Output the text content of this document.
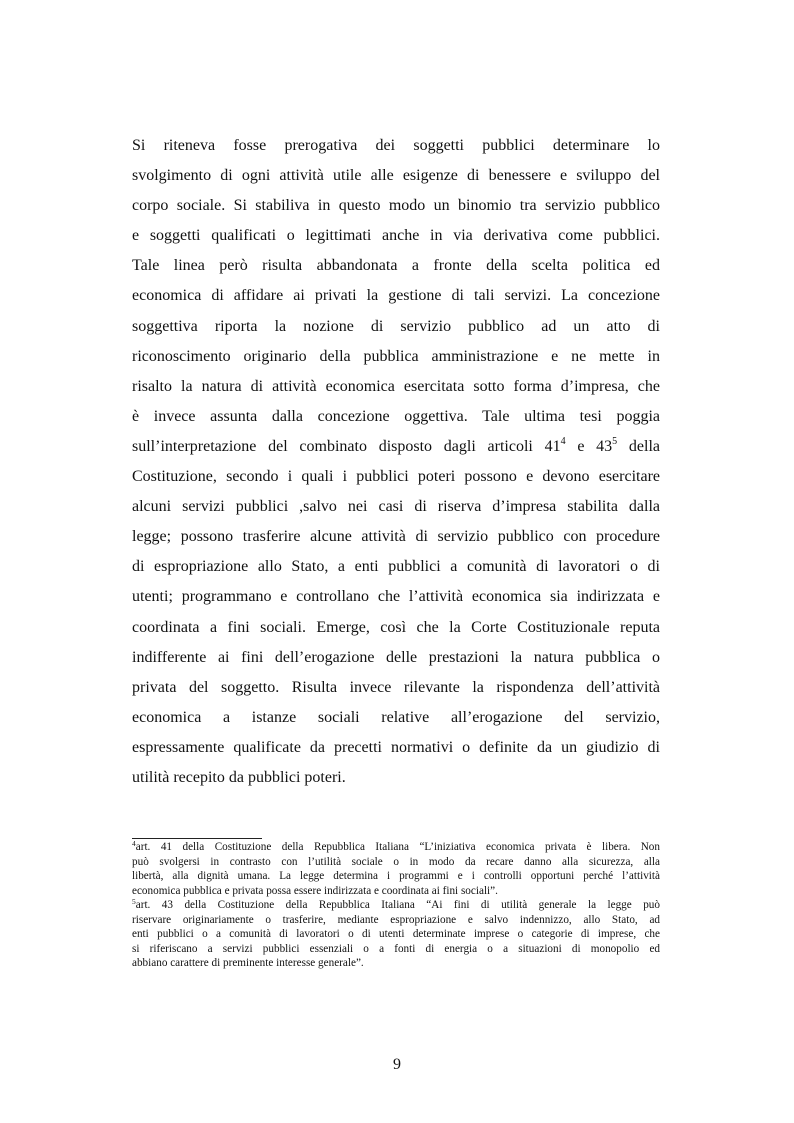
Si riteneva fosse prerogativa dei soggetti pubblici determinare lo
svolgimento di ogni attività utile alle esigenze di benessere e sviluppo del
corpo sociale. Si stabiliva in questo modo un binomio tra servizio pubblico
e soggetti qualificati o legittimati anche in via derivativa come pubblici.
Tale linea però risulta abbandonata a fronte della scelta politica ed
economica di affidare ai privati la gestione di tali servizi. La concezione
soggettiva riporta la nozione di servizio pubblico ad un atto di
riconoscimento originario della pubblica amministrazione e ne mette in
risalto la natura di attività economica esercitata sotto forma d’impresa, che
è invece assunta dalla concezione oggettiva. Tale ultima tesi poggia
sull’interpretazione del combinato disposto dagli articoli $41^4$ e $43^5$ della
Costituzione, secondo i quali i pubblici poteri possono e devono esercitare
alcuni servizi pubblici ,salvo nei casi di riserva d’impresa stabilita dalla
legge; possono trasferire alcune attività di servizio pubblico con procedure
di espropriazione allo Stato, a enti pubblici a comunità di lavoratori o di
utenti; programmano e controllano che l’attività economica sia indirizzata e
coordinata a fini sociali. Emerge, così che la Corte Costituzionale reputa
indifferente ai fini dell’erogazione delle prestazioni la natura pubblica o
privata del soggetto. Risulta invece rilevante la rispondenza dell’attività
economica a istanze sociali relative all’erogazione del servizio,
espressamente qualificate da precetti normativi o definite da un giudizio di
utilità recepito da pubblici poteri.
$^4$art. 41 della Costituzione della Repubblica Italiana “L’iniziativa economica privata è libera. Non
può svolgersi in contrasto con l’utilità sociale o in modo da recare danno alla sicurezza, alla
libertà, alla dignità umana. La legge determina i programmi e i controlli opportuni perché l’attività
economica pubblica e privata possa essere indirizzata e coordinata ai fini sociali”.
$^5$art. 43 della Costituzione della Repubblica Italiana “Ai fini di utilità generale la legge può
riservare originariamente o trasferire, mediante espropriazione e salvo indennizzo, allo Stato, ad
enti pubblici o a comunità di lavoratori o di utenti determinate imprese o categorie di imprese, che
si riferiscano a servizi pubblici essenziali o a fonti di energia o a situazioni di monopolio ed
abbiano carattere di preminente interesse generale”.
9
